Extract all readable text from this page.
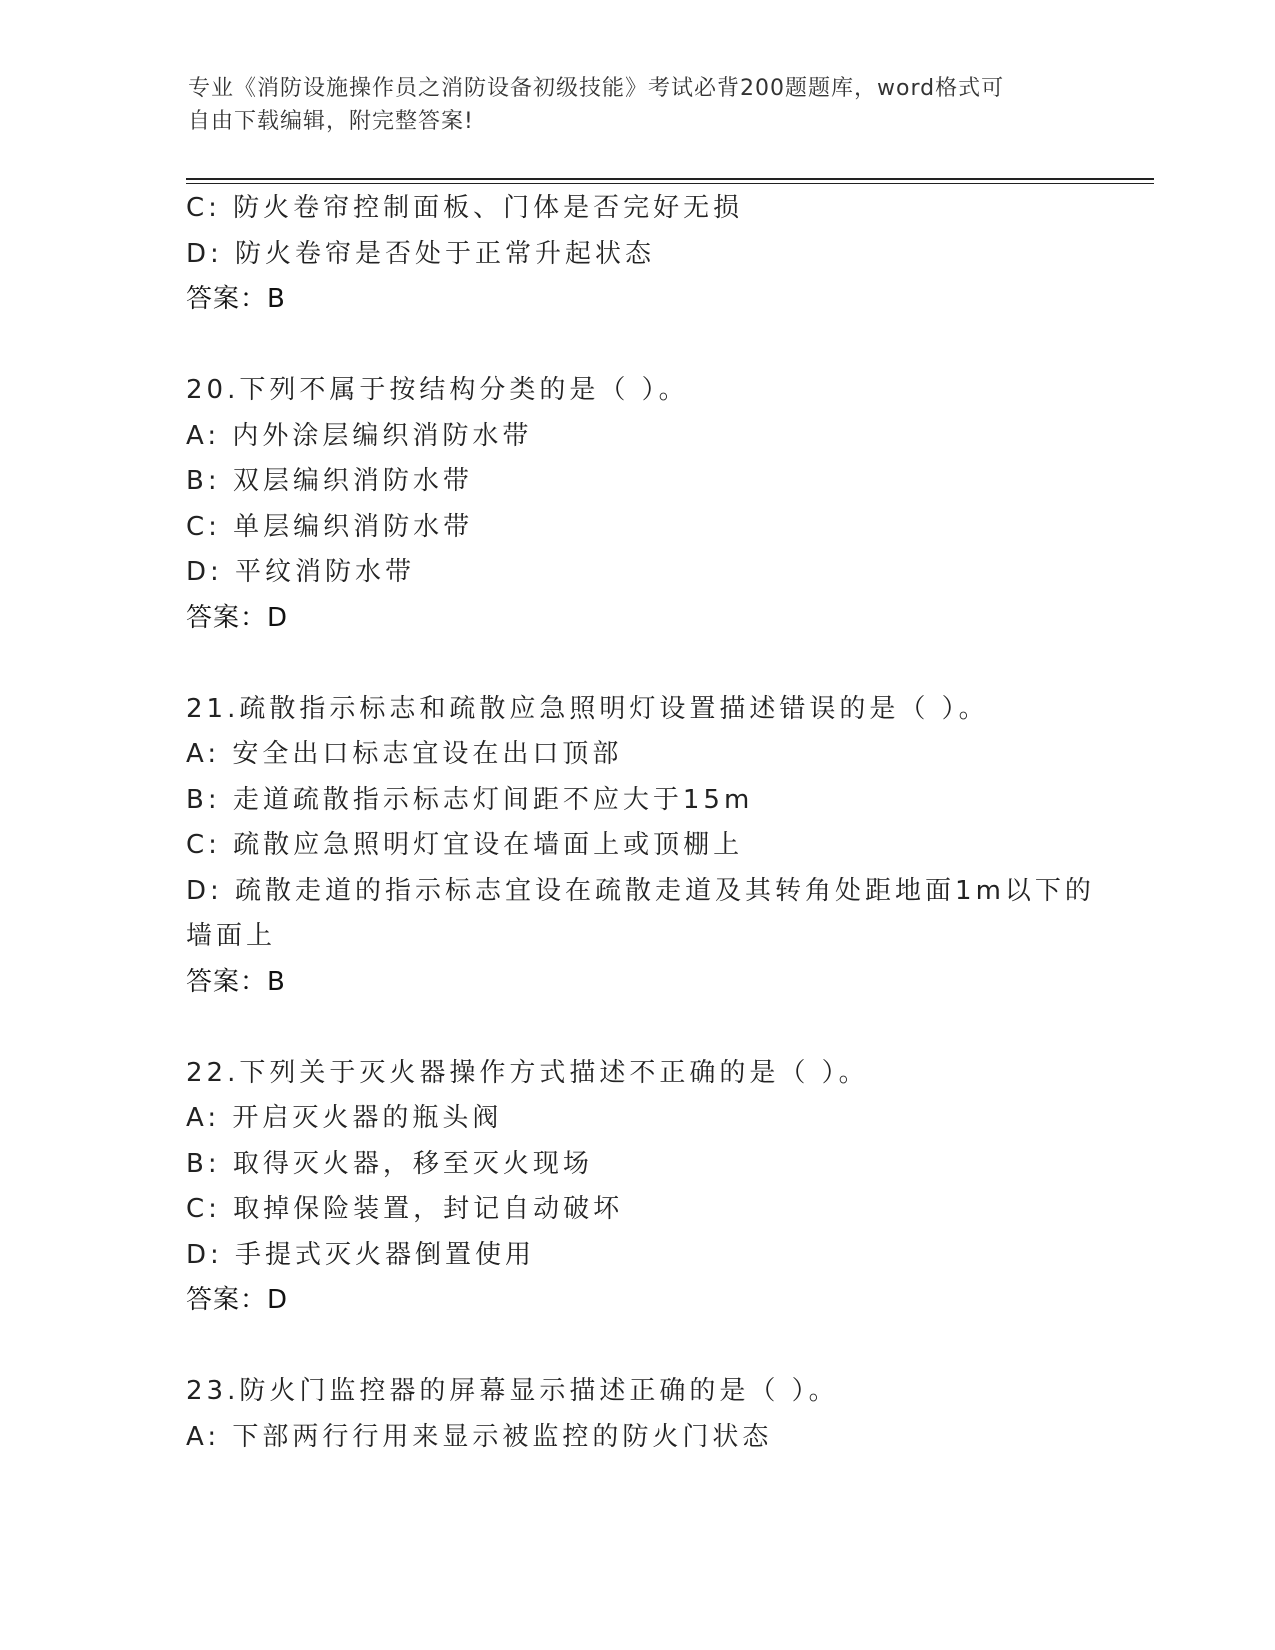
专业《消防设施操作员之消防设备初级技能》考试必背200题题库，word格式可
自由下载编辑，附完整答案!
C: 防火卷帘控制面板、门体是否完好无损
D: 防火卷帘是否处于正常升起状态
答案：B
20.下列不属于按结构分类的是（ ）。
A: 内外涂层编织消防水带
B: 双层编织消防水带
C: 单层编织消防水带
D: 平纹消防水带
答案：D
21.疏散指示标志和疏散应急照明灯设置描述错误的是（ ）。
A: 安全出口标志宜设在出口顶部
B: 走道疏散指示标志灯间距不应大于15m
C: 疏散应急照明灯宜设在墙面上或顶棚上
D: 疏散走道的指示标志宜设在疏散走道及其转角处距地面1m以下的
墙面上
答案：B
22.下列关于灭火器操作方式描述不正确的是（ ）。
A: 开启灭火器的瓶头阀
B: 取得灭火器，移至灭火现场
C: 取掉保险装置，封记自动破坏
D: 手提式灭火器倒置使用
答案：D
23.防火门监控器的屏幕显示描述正确的是（ ）。
A: 下部两行行用来显示被监控的防火门状态
